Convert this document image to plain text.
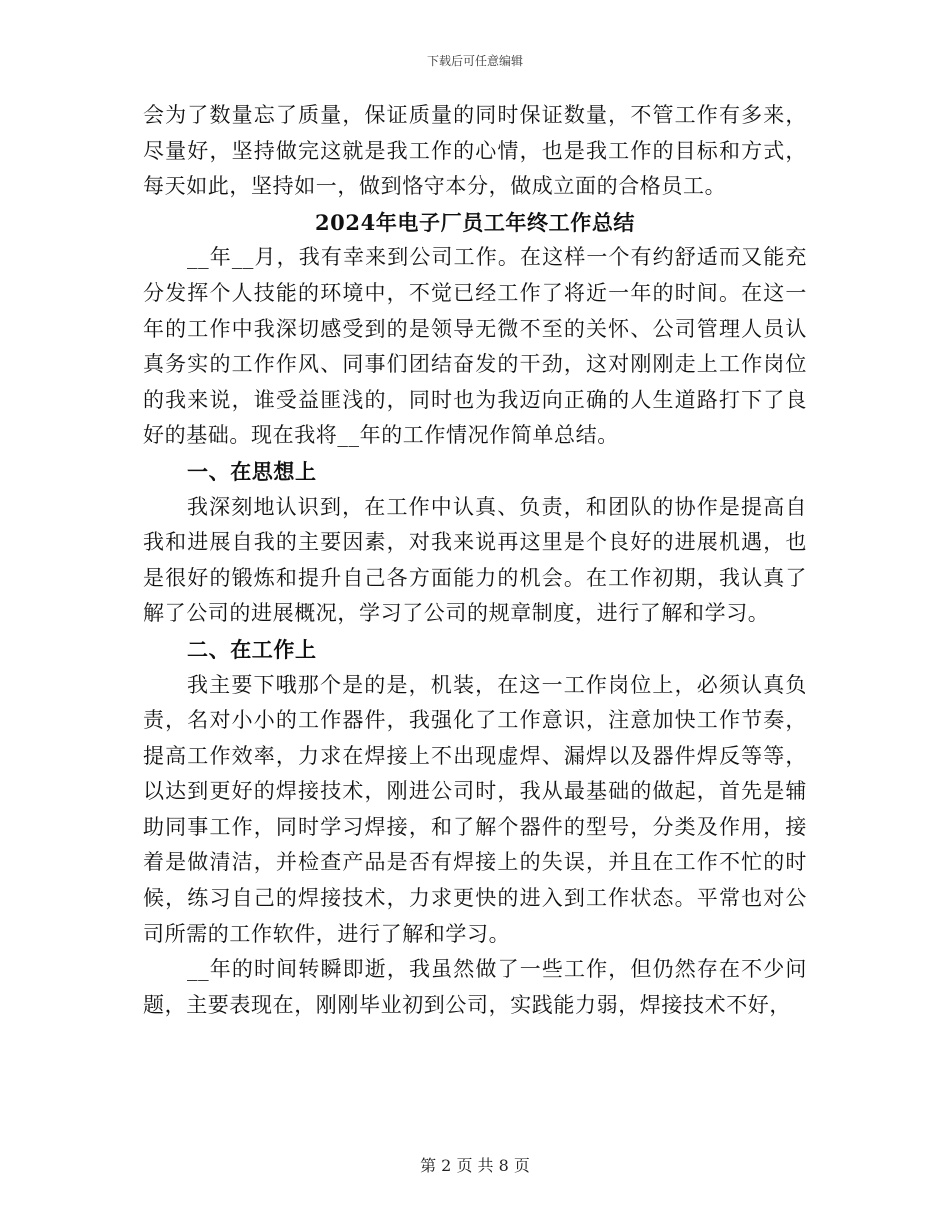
下载后可任意编辑

会为了数量忘了质量，保证质量的同时保证数量，不管工作有多来，尽量好，坚持做完这就是我工作的心情，也是我工作的目标和方式，每天如此，坚持如一，做到恪守本分，做成立面的合格员工。

2024年电子厂员工年终工作总结

__年__月，我有幸来到公司工作。在这样一个有约舒适而又能充分发挥个人技能的环境中，不觉已经工作了将近一年的时间。在这一年的工作中我深切感受到的是领导无微不至的关怀、公司管理人员认真务实的工作作风、同事们团结奋发的干劲，这对刚刚走上工作岗位的我来说，谁受益匪浅的，同时也为我迈向正确的人生道路打下了良好的基础。现在我将__年的工作情况作简单总结。

一、在思想上

我深刻地认识到，在工作中认真、负责，和团队的协作是提高自我和进展自我的主要因素，对我来说再这里是个良好的进展机遇，也是很好的锻炼和提升自己各方面能力的机会。在工作初期，我认真了解了公司的进展概况，学习了公司的规章制度，进行了解和学习。

二、在工作上

我主要下哦那个是的是，机装，在这一工作岗位上，必须认真负责，名对小小的工作器件，我强化了工作意识，注意加快工作节奏，提高工作效率，力求在焊接上不出现虚焊、漏焊以及器件焊反等等，以达到更好的焊接技术，刚进公司时，我从最基础的做起，首先是辅助同事工作，同时学习焊接，和了解个器件的型号，分类及作用，接着是做清洁，并检查产品是否有焊接上的失误，并且在工作不忙的时候，练习自己的焊接技术，力求更快的进入到工作状态。平常也对公司所需的工作软件，进行了解和学习。

__年的时间转瞬即逝，我虽然做了一些工作，但仍然存在不少问题，主要表现在，刚刚毕业初到公司，实践能力弱，焊接技术不好，

第 2 页 共 8 页
